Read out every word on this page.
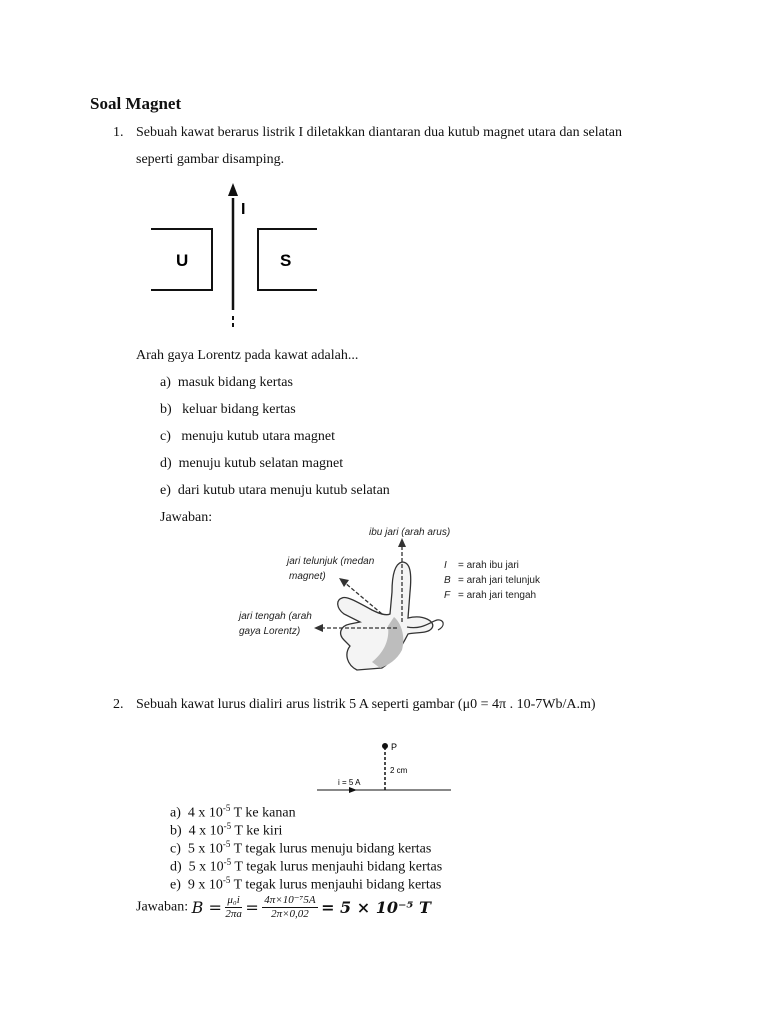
Soal Magnet
1. Sebuah kawat berarus listrik I diletakkan diantaran dua kutub magnet utara dan selatan
seperti gambar disamping.
I
U	S
Arah gaya Lorentz pada kawat adalah...
a) masuk bidang kertas
b)   keluar bidang kertas
c)   menuju kutub utara magnet
d) menuju kutub selatan magnet
e) dari kutub utara menuju kutub selatan
Jawaban:
ibu jari (arah arus)
jari telunjuk (medan
magnet)
jari tengah (arah
gaya Lorentz)
I = arah ibu jari
B = arah jari telunjuk
F = arah jari tengah
2. Sebuah kawat lurus dialiri arus listrik 5 A seperti gambar (μ0 = 4π . 10-7Wb/A.m)
P
2 cm
i = 5 A
a) 4 x $10^{-5}$ T ke kanan
b) 4 x $10^{-5}$ T ke kiri
c) 5 x $10^{-5}$ T tegak lurus menuju bidang kertas
d) 5 x $10^{-5}$ T tegak lurus menjauhi bidang kertas
e) 9 x $10^{-5}$ T tegak lurus menjauhi bidang kertas
Jawaban: $B = \frac{\text{μ₀i}}{2\pi a} = \frac{\text{4π×10⁻⁷5A}}{2\pi\times 0,02} = 5 \times 10^{-5}$ T
